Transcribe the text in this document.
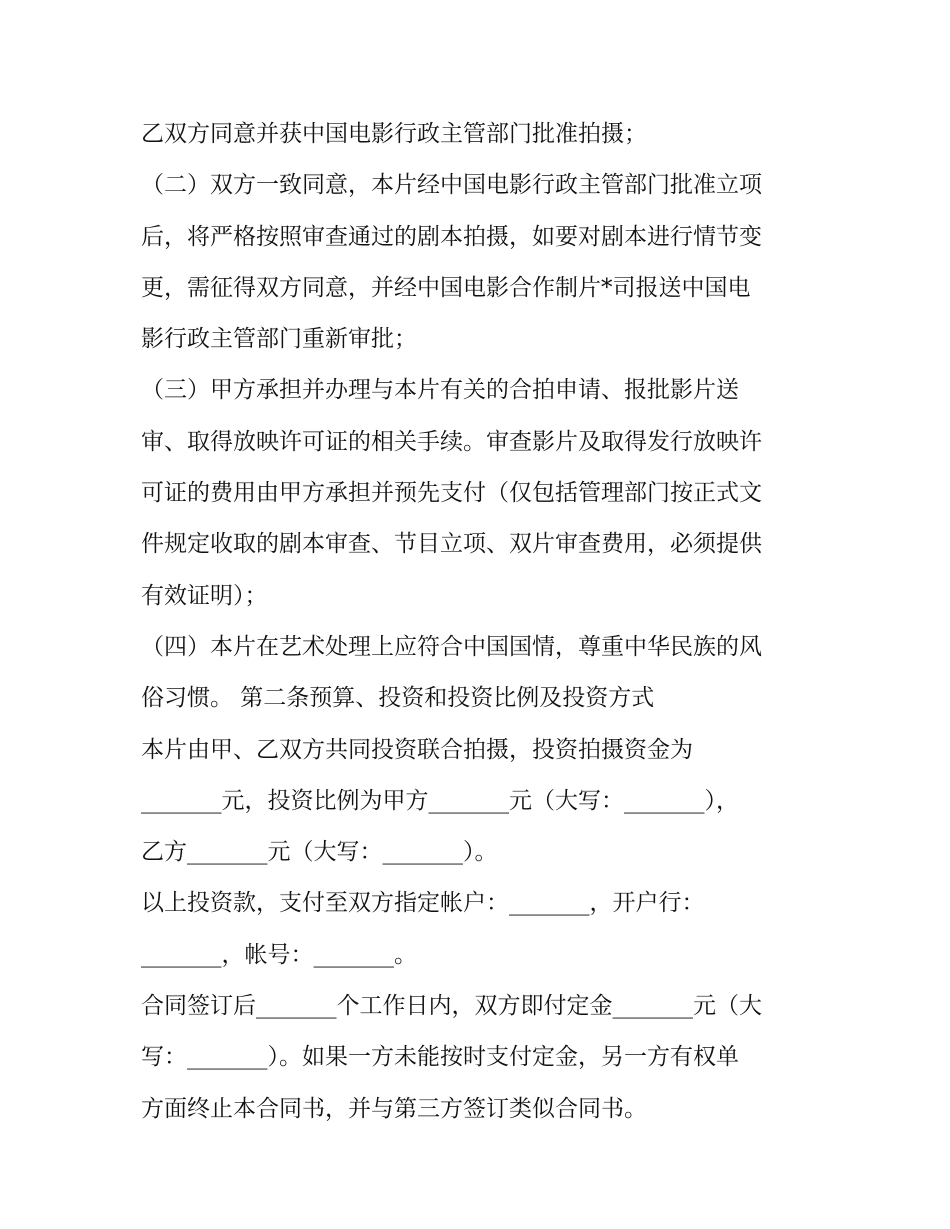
乙双方同意并获中国电影行政主管部门批准拍摄；

（二）双方一致同意，本片经中国电影行政主管部门批准立项

后，将严格按照审查通过的剧本拍摄，如要对剧本进行情节变

更，需征得双方同意，并经中国电影合作制片*司报送中国电

影行政主管部门重新审批；

（三）甲方承担并办理与本片有关的合拍申请、报批影片送

审、取得放映许可证的相关手续。审查影片及取得发行放映许

可证的费用由甲方承担并预先支付（仅包括管理部门按正式文

件规定收取的剧本审查、节目立项、双片审查费用，必须提供

有效证明）；

（四）本片在艺术处理上应符合中国国情，尊重中华民族的风

俗习惯。 第二条预算、投资和投资比例及投资方式

本片由甲、乙双方共同投资联合拍摄，投资拍摄资金为

_______元，投资比例为甲方_______元（大写：_______），

乙方_______元（大写：_______）。

以上投资款，支付至双方指定帐户：_______，开户行：

_______，帐号：_______。

合同签订后_______个工作日内，双方即付定金_______元（大

写：_______）。如果一方未能按时支付定金，另一方有权单

方面终止本合同书，并与第三方签订类似合同书。
